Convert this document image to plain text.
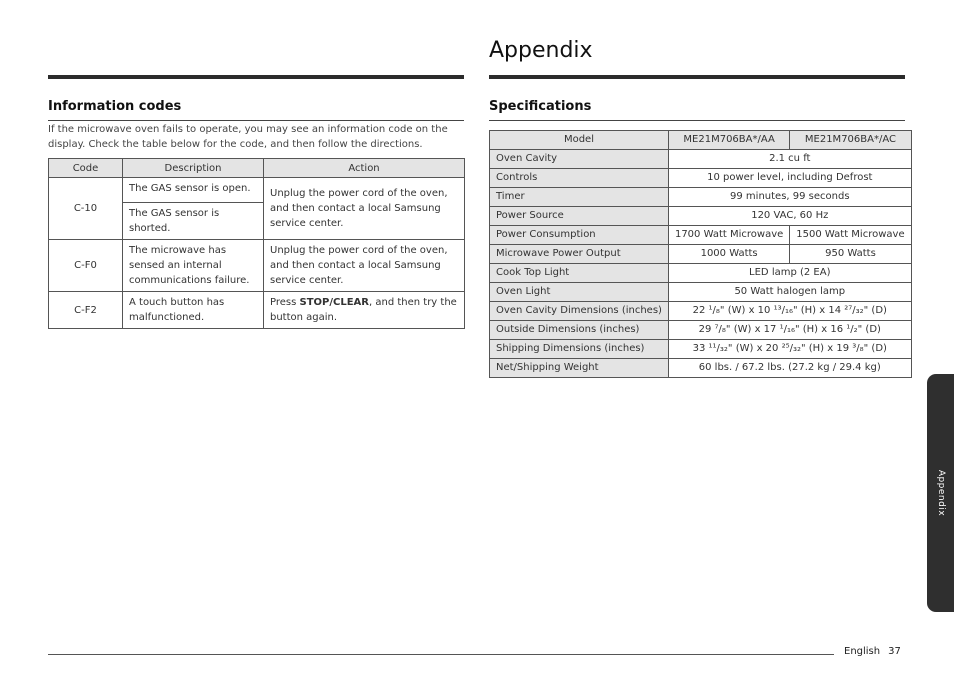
Appendix
Information codes

If the microwave oven fails to operate, you may see an information code on the display. Check the table below for the code, and then follow the directions.

Code	Description	Action
C-10	The GAS sensor is open.	Unplug the power cord of the oven, and then contact a local Samsung service center.
	The GAS sensor is shorted.	
C-F0	The microwave has sensed an internal communications failure.	Unplug the power cord of the oven, and then contact a local Samsung service center.
C-F2	A touch button has malfunctioned.	Press STOP/CLEAR, and then try the button again.
Specifications
Model	ME21M706BA*/AA	ME21M706BA*/AC
Oven Cavity	2.1 cu ft	
Controls	10 power level, including Defrost	
Timer	99 minutes, 99 seconds	
Power Source	120 VAC, 60 Hz	
Power Consumption	1700 Watt Microwave	1500 Watt Microwave
Microwave Power Output	1000 Watts	950 Watts
Cook Top Light	LED lamp (2 EA)	
Oven Light	50 Watt halogen lamp	
Oven Cavity Dimensions (inches)	22 ¹/₈" (W) x 10 ¹³/₁₆" (H) x 14 ²⁷/₃₂" (D)	
Outside Dimensions (inches)	29 ⁷/₈" (W) x 17 ¹/₁₆" (H) x 16 ¹/₂" (D)	
Shipping Dimensions (inches)	33 ¹¹/₃₂" (W) x 20 ²⁵/₃₂" (H) x 19 ³/₈" (D)	
Net/Shipping Weight	60 lbs. / 67.2 lbs. (27.2 kg / 29.4 kg)	
Appendix
English 37
